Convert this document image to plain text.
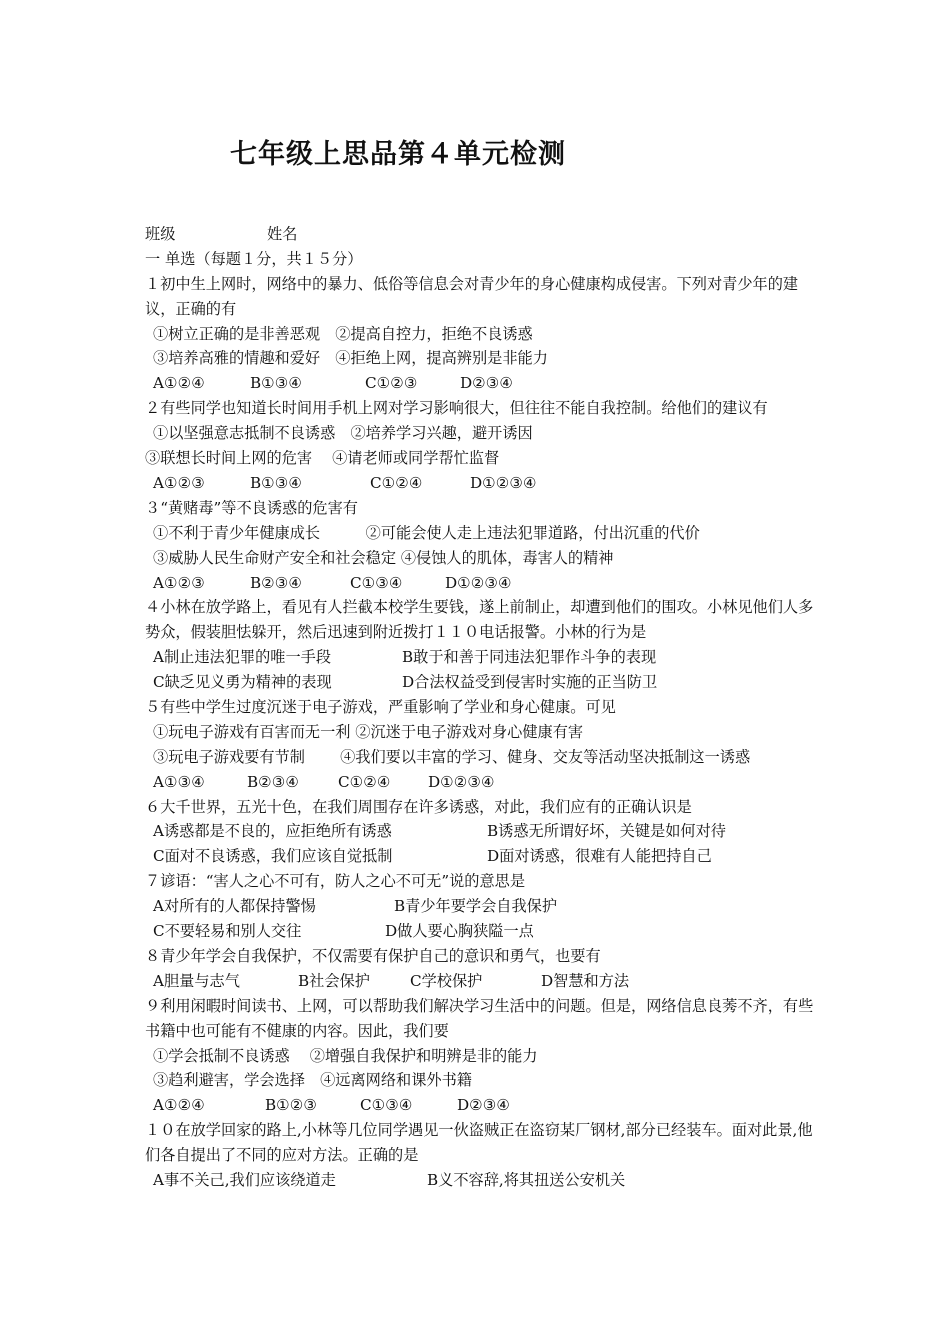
七年级上思品第４单元检测
班级	姓名
一 单选（每题１分，共１５分）
１初中生上网时，网络中的暴力、低俗等信息会对青少年的身心健康构成侵害。下列对青少年的建议，正确的有
①树立正确的是非善恶观　②提高自控力，拒绝不良诱惑
③培养高雅的情趣和爱好　④拒绝上网，提高辨别是非能力
A①②④	B①③④	C①②③	D②③④
２有些同学也知道长时间用手机上网对学习影响很大，但往往不能自我控制。给他们的建议有
①以坚强意志抵制不良诱惑　②培养学习兴趣，避开诱因
③联想长时间上网的危害　 ④请老师或同学帮忙监督
A①②③	B①③④	C①②④	D①②③④
３“黄赌毒”等不良诱惑的危害有
①不利于青少年健康成长　　　②可能会使人走上违法犯罪道路，付出沉重的代价
③威胁人民生命财产安全和社会稳定 ④侵蚀人的肌体，毒害人的精神
A①②③	B②③④	C①③④	D①②③④
４小林在放学路上，看见有人拦截本校学生要钱，遂上前制止，却遭到他们的围攻。小林见他们人多势众，假装胆怯躲开，然后迅速到附近拨打１１０电话报警。小林的行为是
A制止违法犯罪的唯一手段	B敢于和善于同违法犯罪作斗争的表现
C缺乏见义勇为精神的表现	D合法权益受到侵害时实施的正当防卫
５有些中学生过度沉迷于电子游戏，严重影响了学业和身心健康。可见
①玩电子游戏有百害而无一利 ②沉迷于电子游戏对身心健康有害
③玩电子游戏要有节制　　 ④我们要以丰富的学习、健身、交友等活动坚决抵制这一诱惑
A①③④	B②③④	C①②④ D①②③④
６大千世界，五光十色，在我们周围存在许多诱惑，对此，我们应有的正确认识是
A诱惑都是不良的，应拒绝所有诱惑	B诱惑无所谓好坏，关键是如何对待
C面对不良诱惑，我们应该自觉抵制	D面对诱惑，很难有人能把持自己
７谚语：“害人之心不可有，防人之心不可无”说的意思是
A对所有的人都保持警惕	B青少年要学会自我保护
C不要轻易和别人交往	D做人要心胸狭隘一点
８青少年学会自我保护，不仅需要有保护自己的意识和勇气，也要有
A胆量与志气	B社会保护	C学校保护	D智慧和方法
９利用闲暇时间读书、上网，可以帮助我们解决学习生活中的问题。但是，网络信息良莠不齐，有些书籍中也可能有不健康的内容。因此，我们要
①学会抵制不良诱惑　 ②增强自我保护和明辨是非的能力
③趋利避害，学会选择　④远离网络和课外书籍
A①②④	B①②③	C①③④	D②③④
１０在放学回家的路上,小林等几位同学遇见一伙盗贼正在盗窃某厂钢材,部分已经装车。面对此景,他们各自提出了不同的应对方法。正确的是
A事不关己,我们应该绕道走	B义不容辞,将其扭送公安机关
